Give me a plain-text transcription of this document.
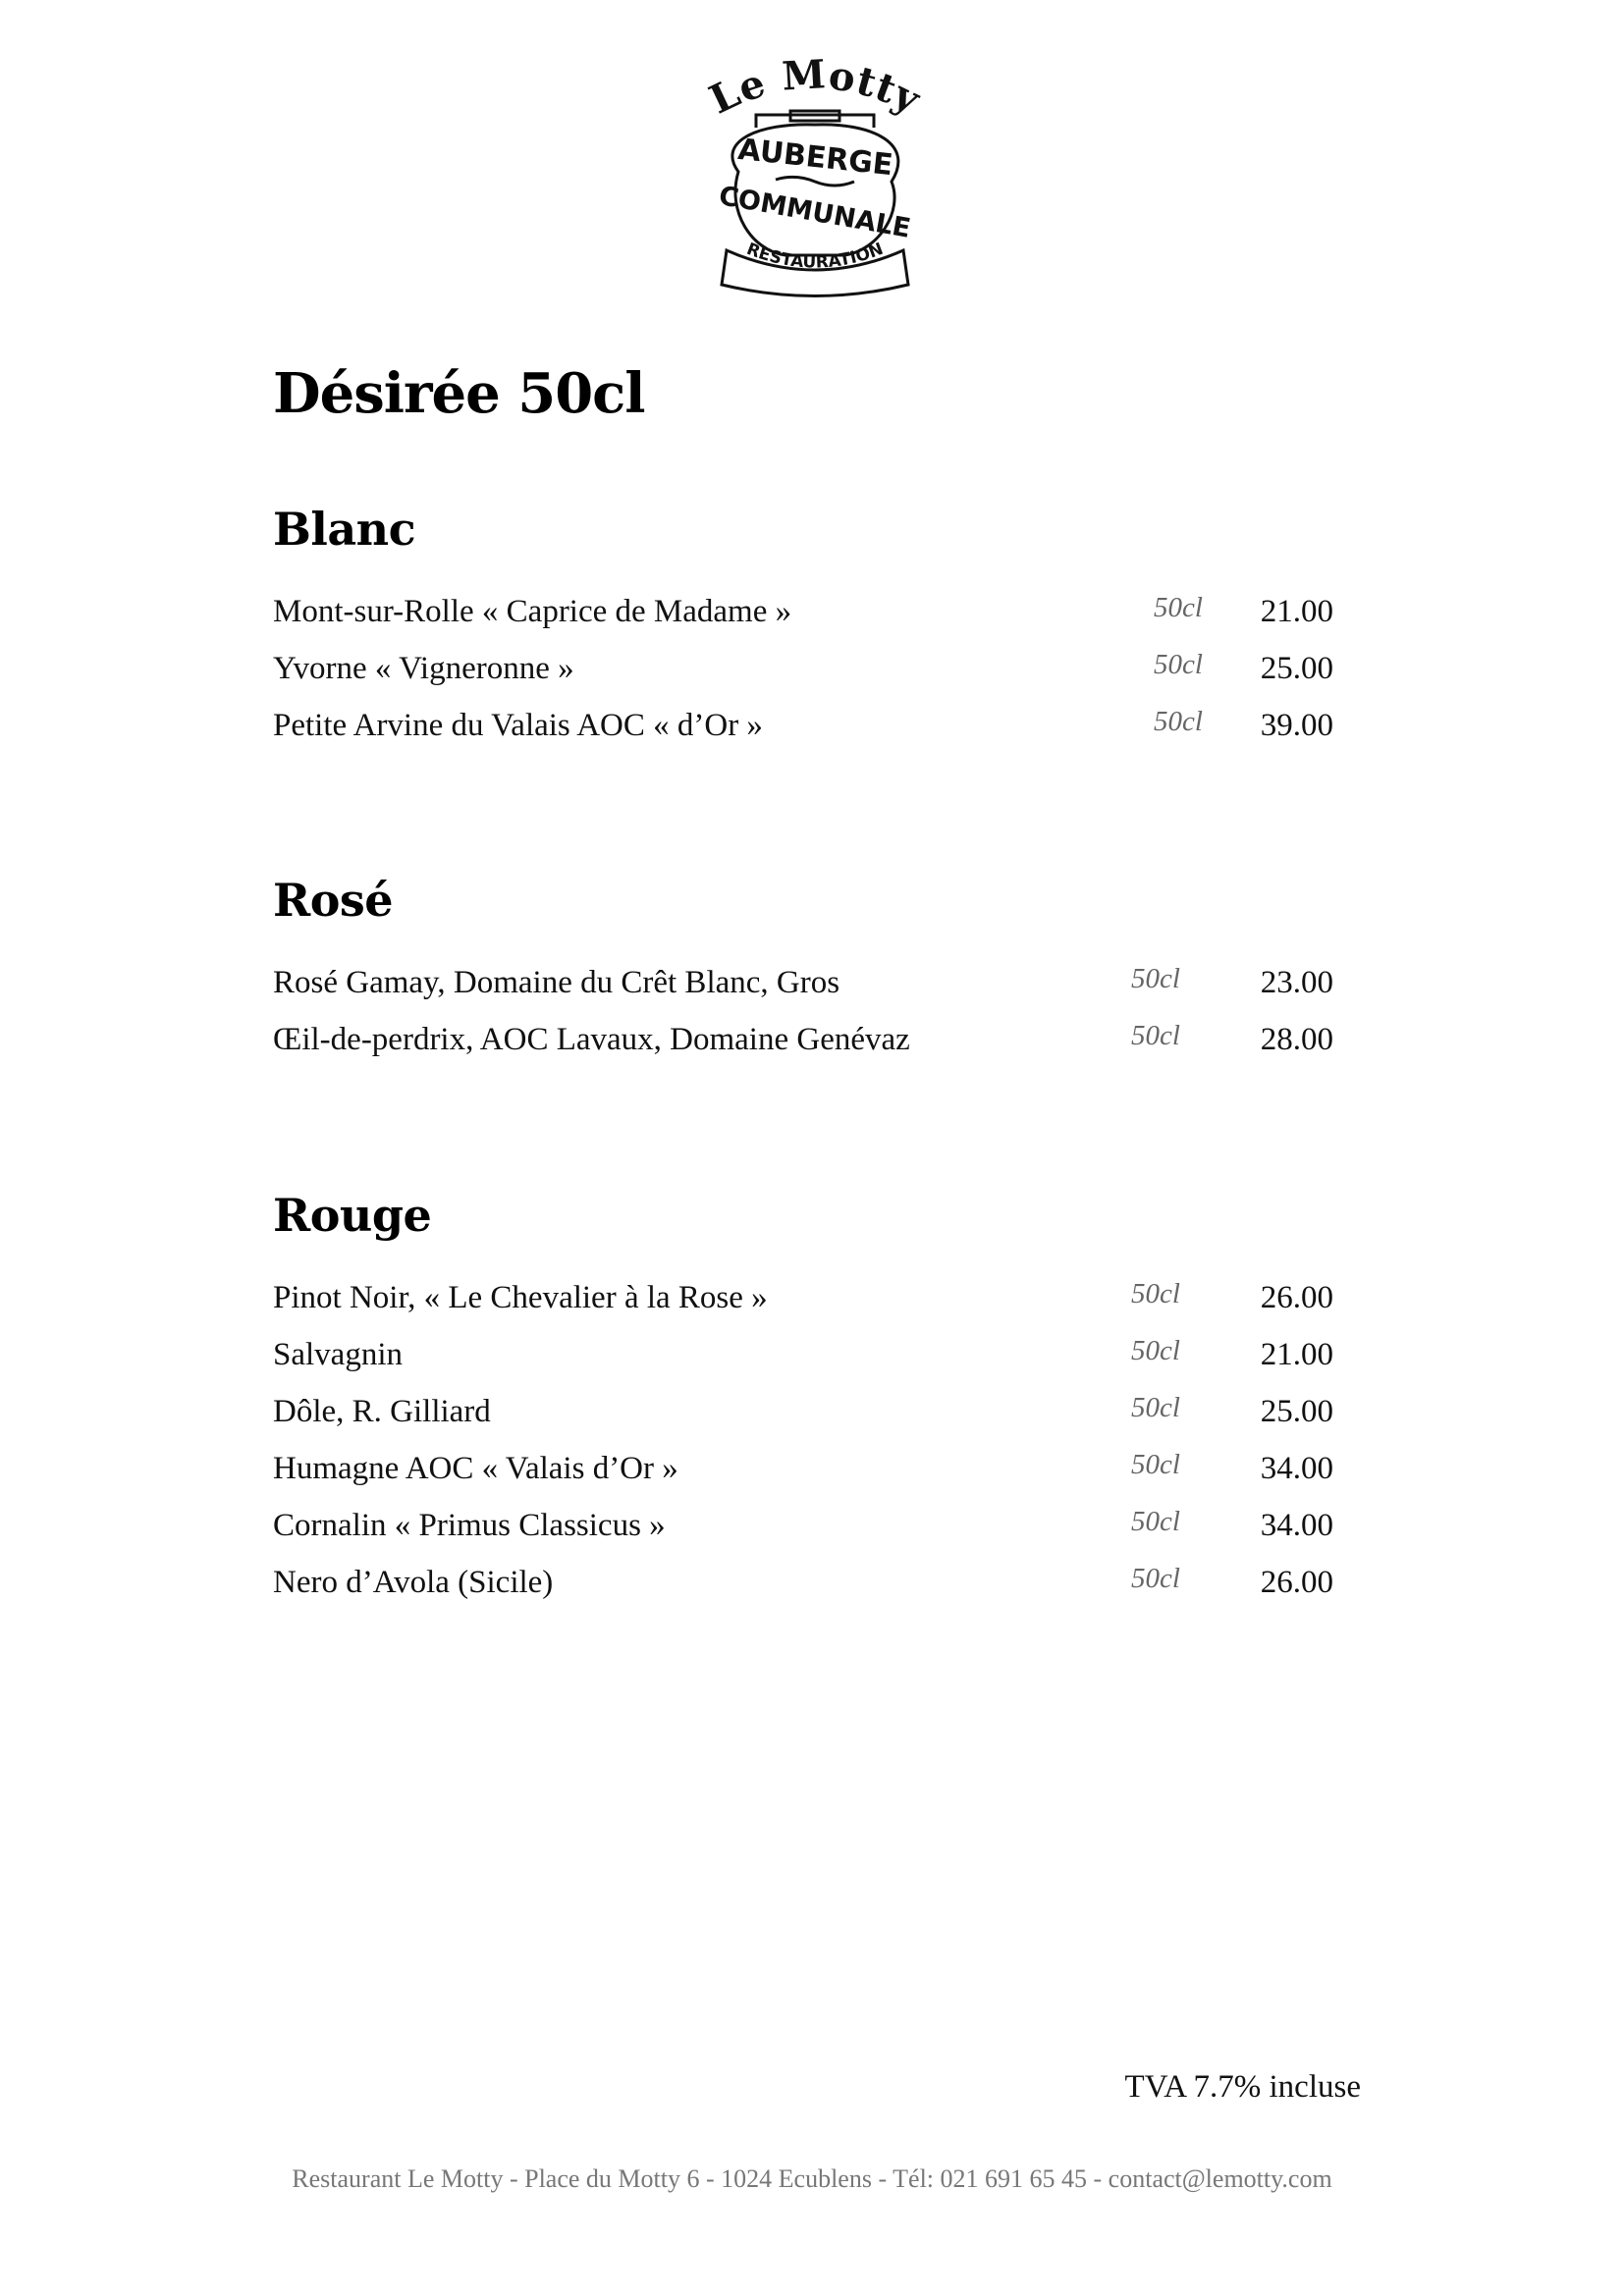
Le Motty
AUBERGE
COMMUNALE
RESTAURATION
Désirée 50cl
Blanc
Mont-sur-Rolle « Caprice de Madame »	50cl 21.00
Yvorne « Vigneronne »	50cl 25.00
Petite Arvine du Valais AOC « d’Or »	50cl 39.00
Rosé
Rosé Gamay, Domaine du Crêt Blanc, Gros	50cl 23.00
Œil-de-perdrix, AOC Lavaux, Domaine Genévaz	50cl 28.00
Rouge
Pinot Noir, « Le Chevalier à la Rose »	50cl 26.00
Salvagnin	50cl 21.00
Dôle, R. Gilliard	50cl 25.00
Humagne AOC « Valais d’Or »	50cl 34.00
Cornalin « Primus Classicus »	50cl 34.00
Nero d’Avola (Sicile)	50cl 26.00
TVA 7.7% incluse
Restaurant Le Motty - Place du Motty 6 - 1024 Ecublens - Tél: 021 691 65 45 - contact@lemotty.com
